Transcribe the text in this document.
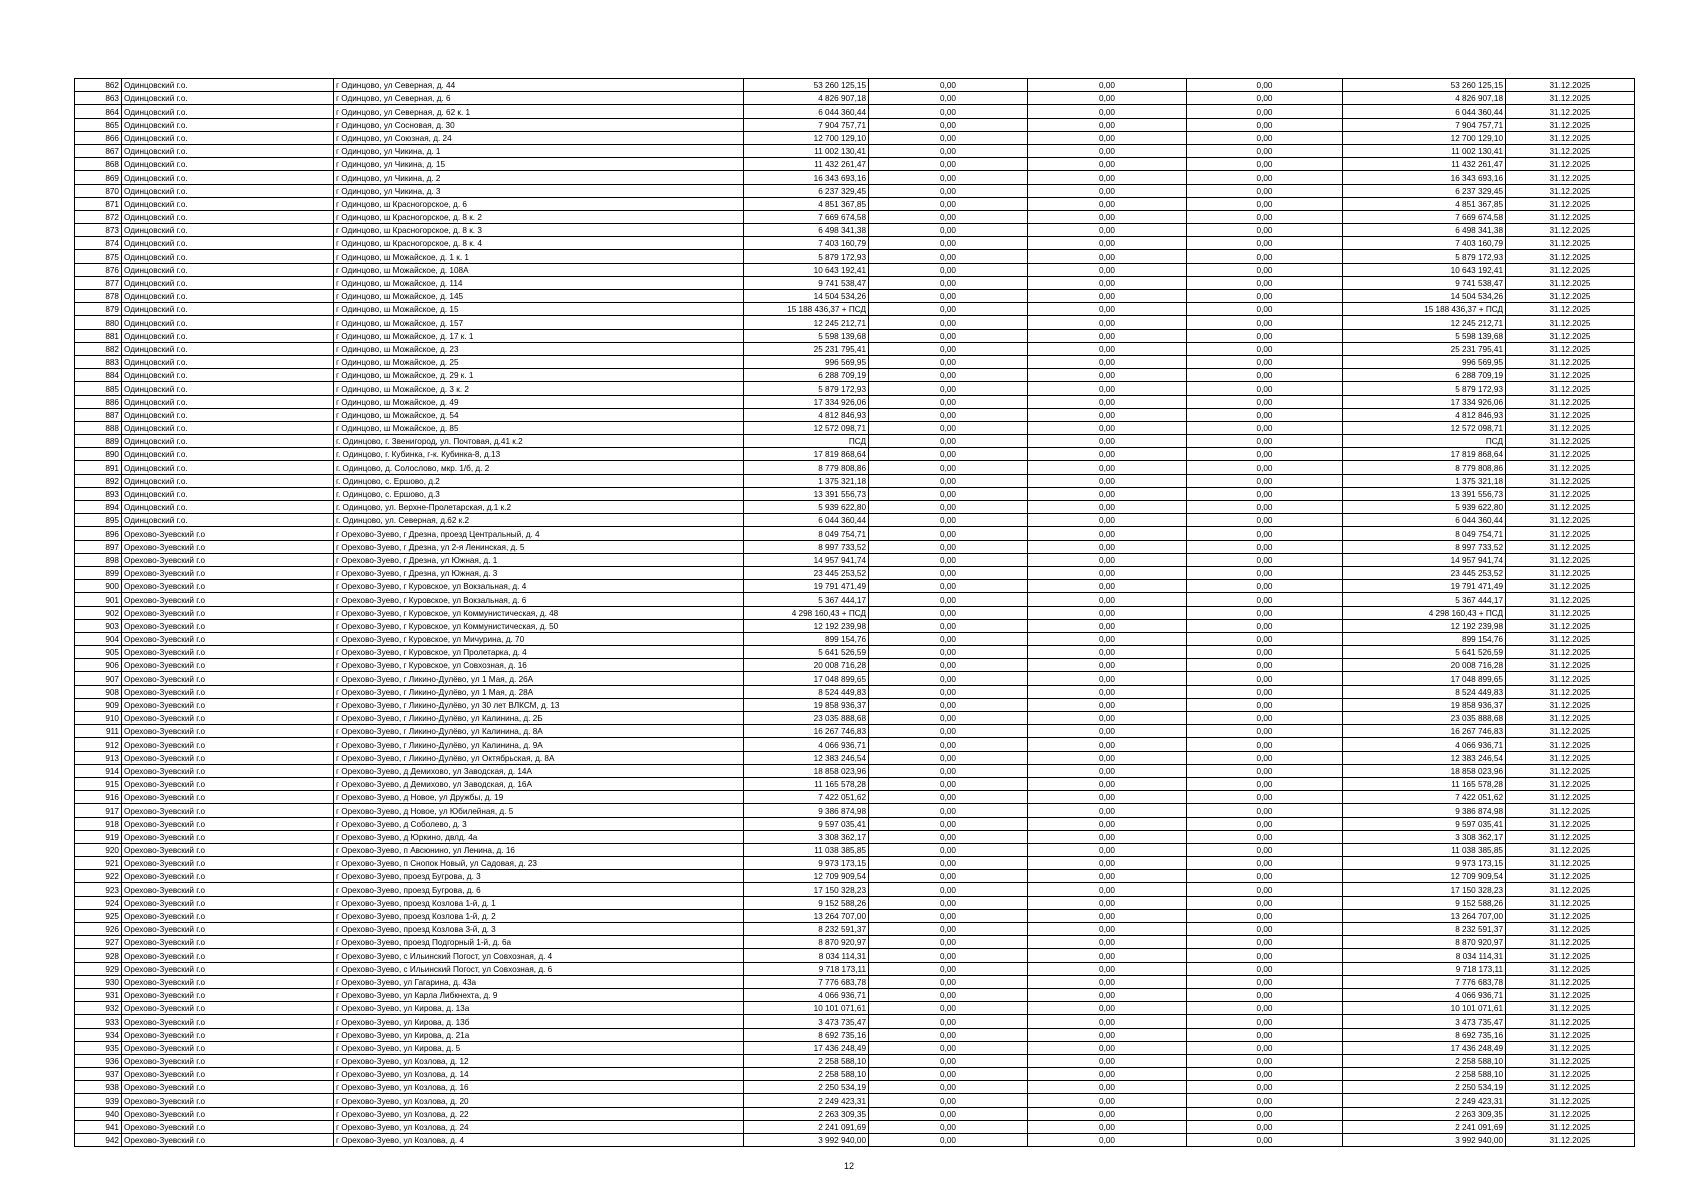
862	Одинцовский г.о.	г Одинцово, ул Северная, д. 44	53 260 125,15	0,00	0,00	0,00	53 260 125,15	31.12.2025
863	Одинцовский г.о.	г Одинцово, ул Северная, д. 6	4 826 907,18	0,00	0,00	0,00	4 826 907,18	31.12.2025
864	Одинцовский г.о.	г Одинцово, ул Северная, д. 62 к. 1	6 044 360,44	0,00	0,00	0,00	6 044 360,44	31.12.2025
865	Одинцовский г.о.	г Одинцово, ул Сосновая, д. 30	7 904 757,71	0,00	0,00	0,00	7 904 757,71	31.12.2025
866	Одинцовский г.о.	г Одинцово, ул Союзная, д. 24	12 700 129,10	0,00	0,00	0,00	12 700 129,10	31.12.2025
867	Одинцовский г.о.	г Одинцово, ул Чикина, д. 1	11 002 130,41	0,00	0,00	0,00	11 002 130,41	31.12.2025
868	Одинцовский г.о.	г Одинцово, ул Чикина, д. 15	11 432 261,47	0,00	0,00	0,00	11 432 261,47	31.12.2025
869	Одинцовский г.о.	г Одинцово, ул Чикина, д. 2	16 343 693,16	0,00	0,00	0,00	16 343 693,16	31.12.2025
870	Одинцовский г.о.	г Одинцово, ул Чикина, д. 3	6 237 329,45	0,00	0,00	0,00	6 237 329,45	31.12.2025
871	Одинцовский г.о.	г Одинцово, ш Красногорское, д. 6	4 851 367,85	0,00	0,00	0,00	4 851 367,85	31.12.2025
872	Одинцовский г.о.	г Одинцово, ш Красногорское, д. 8 к. 2	7 669 674,58	0,00	0,00	0,00	7 669 674,58	31.12.2025
873	Одинцовский г.о.	г Одинцово, ш Красногорское, д. 8 к. 3	6 498 341,38	0,00	0,00	0,00	6 498 341,38	31.12.2025
874	Одинцовский г.о.	г Одинцово, ш Красногорское, д. 8 к. 4	7 403 160,79	0,00	0,00	0,00	7 403 160,79	31.12.2025
875	Одинцовский г.о.	г Одинцово, ш Можайское, д. 1 к. 1	5 879 172,93	0,00	0,00	0,00	5 879 172,93	31.12.2025
876	Одинцовский г.о.	г Одинцово, ш Можайское, д. 108А	10 643 192,41	0,00	0,00	0,00	10 643 192,41	31.12.2025
877	Одинцовский г.о.	г Одинцово, ш Можайское, д. 114	9 741 538,47	0,00	0,00	0,00	9 741 538,47	31.12.2025
878	Одинцовский г.о.	г Одинцово, ш Можайское, д. 145	14 504 534,26	0,00	0,00	0,00	14 504 534,26	31.12.2025
879	Одинцовский г.о.	г Одинцово, ш Можайское, д. 15	15 188 436,37 + ПСД	0,00	0,00	0,00	15 188 436,37 + ПСД	31.12.2025
880	Одинцовский г.о.	г Одинцово, ш Можайское, д. 157	12 245 212,71	0,00	0,00	0,00	12 245 212,71	31.12.2025
881	Одинцовский г.о.	г Одинцово, ш Можайское, д. 17 к. 1	5 598 139,68	0,00	0,00	0,00	5 598 139,68	31.12.2025
882	Одинцовский г.о.	г Одинцово, ш Можайское, д. 23	25 231 795,41	0,00	0,00	0,00	25 231 795,41	31.12.2025
883	Одинцовский г.о.	г Одинцово, ш Можайское, д. 25	996 569,95	0,00	0,00	0,00	996 569,95	31.12.2025
884	Одинцовский г.о.	г Одинцово, ш Можайское, д. 29 к. 1	6 288 709,19	0,00	0,00	0,00	6 288 709,19	31.12.2025
885	Одинцовский г.о.	г Одинцово, ш Можайское, д. 3 к. 2	5 879 172,93	0,00	0,00	0,00	5 879 172,93	31.12.2025
886	Одинцовский г.о.	г Одинцово, ш Можайское, д. 49	17 334 926,06	0,00	0,00	0,00	17 334 926,06	31.12.2025
887	Одинцовский г.о.	г Одинцово, ш Можайское, д. 54	4 812 846,93	0,00	0,00	0,00	4 812 846,93	31.12.2025
888	Одинцовский г.о.	г Одинцово, ш Можайское, д. 85	12 572 098,71	0,00	0,00	0,00	12 572 098,71	31.12.2025
889	Одинцовский г.о.	г. Одинцово, г. Звенигород, ул. Почтовая, д.41 к.2	ПСД	0,00	0,00	0,00	ПСД	31.12.2025
890	Одинцовский г.о.	г. Одинцово, г. Кубинка, г-к. Кубинка-8, д.13	17 819 868,64	0,00	0,00	0,00	17 819 868,64	31.12.2025
891	Одинцовский г.о.	г. Одинцово, д. Солослово, мкр. 1/б, д. 2	8 779 808,86	0,00	0,00	0,00	8 779 808,86	31.12.2025
892	Одинцовский г.о.	г. Одинцово, с. Ершово, д.2	1 375 321,18	0,00	0,00	0,00	1 375 321,18	31.12.2025
893	Одинцовский г.о.	г. Одинцово, с. Ершово, д.3	13 391 556,73	0,00	0,00	0,00	13 391 556,73	31.12.2025
894	Одинцовский г.о.	г. Одинцово, ул. Верхне-Пролетарская, д.1 к.2	5 939 622,80	0,00	0,00	0,00	5 939 622,80	31.12.2025
895	Одинцовский г.о.	г. Одинцово, ул. Северная, д.62 к.2	6 044 360,44	0,00	0,00	0,00	6 044 360,44	31.12.2025
896	Орехово-Зуевский г.о	г Орехово-Зуево, г Дрезна, проезд Центральный, д. 4	8 049 754,71	0,00	0,00	0,00	8 049 754,71	31.12.2025
897	Орехово-Зуевский г.о	г Орехово-Зуево, г Дрезна, ул 2-я Ленинская, д. 5	8 997 733,52	0,00	0,00	0,00	8 997 733,52	31.12.2025
898	Орехово-Зуевский г.о	г Орехово-Зуево, г Дрезна, ул Южная, д. 1	14 957 941,74	0,00	0,00	0,00	14 957 941,74	31.12.2025
899	Орехово-Зуевский г.о	г Орехово-Зуево, г Дрезна, ул Южная, д. 3	23 445 253,52	0,00	0,00	0,00	23 445 253,52	31.12.2025
900	Орехово-Зуевский г.о	г Орехово-Зуево, г Куровское, ул Вокзальная, д. 4	19 791 471,49	0,00	0,00	0,00	19 791 471,49	31.12.2025
901	Орехово-Зуевский г.о	г Орехово-Зуево, г Куровское, ул Вокзальная, д. 6	5 367 444,17	0,00	0,00	0,00	5 367 444,17	31.12.2025
902	Орехово-Зуевский г.о	г Орехово-Зуево, г Куровское, ул Коммунистическая, д. 48	4 298 160,43 + ПСД	0,00	0,00	0,00	4 298 160,43 + ПСД	31.12.2025
903	Орехово-Зуевский г.о	г Орехово-Зуево, г Куровское, ул Коммунистическая, д. 50	12 192 239,98	0,00	0,00	0,00	12 192 239,98	31.12.2025
904	Орехово-Зуевский г.о	г Орехово-Зуево, г Куровское, ул Мичурина, д. 70	899 154,76	0,00	0,00	0,00	899 154,76	31.12.2025
905	Орехово-Зуевский г.о	г Орехово-Зуево, г Куровское, ул Пролетарка, д. 4	5 641 526,59	0,00	0,00	0,00	5 641 526,59	31.12.2025
906	Орехово-Зуевский г.о	г Орехово-Зуево, г Куровское, ул Совхозная, д. 16	20 008 716,28	0,00	0,00	0,00	20 008 716,28	31.12.2025
907	Орехово-Зуевский г.о	г Орехово-Зуево, г Ликино-Дулёво, ул 1 Мая, д. 26А	17 048 899,65	0,00	0,00	0,00	17 048 899,65	31.12.2025
908	Орехово-Зуевский г.о	г Орехово-Зуево, г Ликино-Дулёво, ул 1 Мая, д. 28А	8 524 449,83	0,00	0,00	0,00	8 524 449,83	31.12.2025
909	Орехово-Зуевский г.о	г Орехово-Зуево, г Ликино-Дулёво, ул 30 лет ВЛКСМ, д. 13	19 858 936,37	0,00	0,00	0,00	19 858 936,37	31.12.2025
910	Орехово-Зуевский г.о	г Орехово-Зуево, г Ликино-Дулёво, ул Калинина, д. 2Б	23 035 888,68	0,00	0,00	0,00	23 035 888,68	31.12.2025
911	Орехово-Зуевский г.о	г Орехово-Зуево, г Ликино-Дулёво, ул Калинина, д. 8А	16 267 746,83	0,00	0,00	0,00	16 267 746,83	31.12.2025
912	Орехово-Зуевский г.о	г Орехово-Зуево, г Ликино-Дулёво, ул Калинина, д. 9А	4 066 936,71	0,00	0,00	0,00	4 066 936,71	31.12.2025
913	Орехово-Зуевский г.о	г Орехово-Зуево, г Ликино-Дулёво, ул Октябрьская, д. 8А	12 383 246,54	0,00	0,00	0,00	12 383 246,54	31.12.2025
914	Орехово-Зуевский г.о	г Орехово-Зуево, д Демихово, ул Заводская, д. 14А	18 858 023,96	0,00	0,00	0,00	18 858 023,96	31.12.2025
915	Орехово-Зуевский г.о	г Орехово-Зуево, д Демихово, ул Заводская, д. 16А	11 165 578,28	0,00	0,00	0,00	11 165 578,28	31.12.2025
916	Орехово-Зуевский г.о	г Орехово-Зуево, д Новое, ул Дружбы, д. 19	7 422 051,62	0,00	0,00	0,00	7 422 051,62	31.12.2025
917	Орехово-Зуевский г.о	г Орехово-Зуево, д Новое, ул Юбилейная, д. 5	9 386 874,98	0,00	0,00	0,00	9 386 874,98	31.12.2025
918	Орехово-Зуевский г.о	г Орехово-Зуево, д Соболево, д. 3	9 597 035,41	0,00	0,00	0,00	9 597 035,41	31.12.2025
919	Орехово-Зуевский г.о	г Орехово-Зуево, д Юркино, двлд. 4а	3 308 362,17	0,00	0,00	0,00	3 308 362,17	31.12.2025
920	Орехово-Зуевский г.о	г Орехово-Зуево, п Авсюнино, ул Ленина, д. 16	11 038 385,85	0,00	0,00	0,00	11 038 385,85	31.12.2025
921	Орехово-Зуевский г.о	г Орехово-Зуево, п Снопок Новый, ул Садовая, д. 23	9 973 173,15	0,00	0,00	0,00	9 973 173,15	31.12.2025
922	Орехово-Зуевский г.о	г Орехово-Зуево, проезд Бугрова, д. 3	12 709 909,54	0,00	0,00	0,00	12 709 909,54	31.12.2025
923	Орехово-Зуевский г.о	г Орехово-Зуево, проезд Бугрова, д. 6	17 150 328,23	0,00	0,00	0,00	17 150 328,23	31.12.2025
924	Орехово-Зуевский г.о	г Орехово-Зуево, проезд Козлова 1-й, д. 1	9 152 588,26	0,00	0,00	0,00	9 152 588,26	31.12.2025
925	Орехово-Зуевский г.о	г Орехово-Зуево, проезд Козлова 1-й, д. 2	13 264 707,00	0,00	0,00	0,00	13 264 707,00	31.12.2025
926	Орехово-Зуевский г.о	г Орехово-Зуево, проезд Козлова 3-й, д. 3	8 232 591,37	0,00	0,00	0,00	8 232 591,37	31.12.2025
927	Орехово-Зуевский г.о	г Орехово-Зуево, проезд Подгорный 1-й, д. 6а	8 870 920,97	0,00	0,00	0,00	8 870 920,97	31.12.2025
928	Орехово-Зуевский г.о	г Орехово-Зуево, с Ильинский Погост, ул Совхозная, д. 4	8 034 114,31	0,00	0,00	0,00	8 034 114,31	31.12.2025
929	Орехово-Зуевский г.о	г Орехово-Зуево, с Ильинский Погост, ул Совхозная, д. 6	9 718 173,11	0,00	0,00	0,00	9 718 173,11	31.12.2025
930	Орехово-Зуевский г.о	г Орехово-Зуево, ул Гагарина, д. 43а	7 776 683,78	0,00	0,00	0,00	7 776 683,78	31.12.2025
931	Орехово-Зуевский г.о	г Орехово-Зуево, ул Карла Либкнехта, д. 9	4 066 936,71	0,00	0,00	0,00	4 066 936,71	31.12.2025
932	Орехово-Зуевский г.о	г Орехово-Зуево, ул Кирова, д. 13а	10 101 071,61	0,00	0,00	0,00	10 101 071,61	31.12.2025
933	Орехово-Зуевский г.о	г Орехово-Зуево, ул Кирова, д. 13б	3 473 735,47	0,00	0,00	0,00	3 473 735,47	31.12.2025
934	Орехово-Зуевский г.о	г Орехово-Зуево, ул Кирова, д. 21а	8 692 735,16	0,00	0,00	0,00	8 692 735,16	31.12.2025
935	Орехово-Зуевский г.о	г Орехово-Зуево, ул Кирова, д. 5	17 436 248,49	0,00	0,00	0,00	17 436 248,49	31.12.2025
936	Орехово-Зуевский г.о	г Орехово-Зуево, ул Козлова, д. 12	2 258 588,10	0,00	0,00	0,00	2 258 588,10	31.12.2025
937	Орехово-Зуевский г.о	г Орехово-Зуево, ул Козлова, д. 14	2 258 588,10	0,00	0,00	0,00	2 258 588,10	31.12.2025
938	Орехово-Зуевский г.о	г Орехово-Зуево, ул Козлова, д. 16	2 250 534,19	0,00	0,00	0,00	2 250 534,19	31.12.2025
939	Орехово-Зуевский г.о	г Орехово-Зуево, ул Козлова, д. 20	2 249 423,31	0,00	0,00	0,00	2 249 423,31	31.12.2025
940	Орехово-Зуевский г.о	г Орехово-Зуево, ул Козлова, д. 22	2 263 309,35	0,00	0,00	0,00	2 263 309,35	31.12.2025
941	Орехово-Зуевский г.о	г Орехово-Зуево, ул Козлова, д. 24	2 241 091,69	0,00	0,00	0,00	2 241 091,69	31.12.2025
942	Орехово-Зуевский г.о	г Орехово-Зуево, ул Козлова, д. 4	3 992 940,00	0,00	0,00	0,00	3 992 940,00	31.12.2025
12
